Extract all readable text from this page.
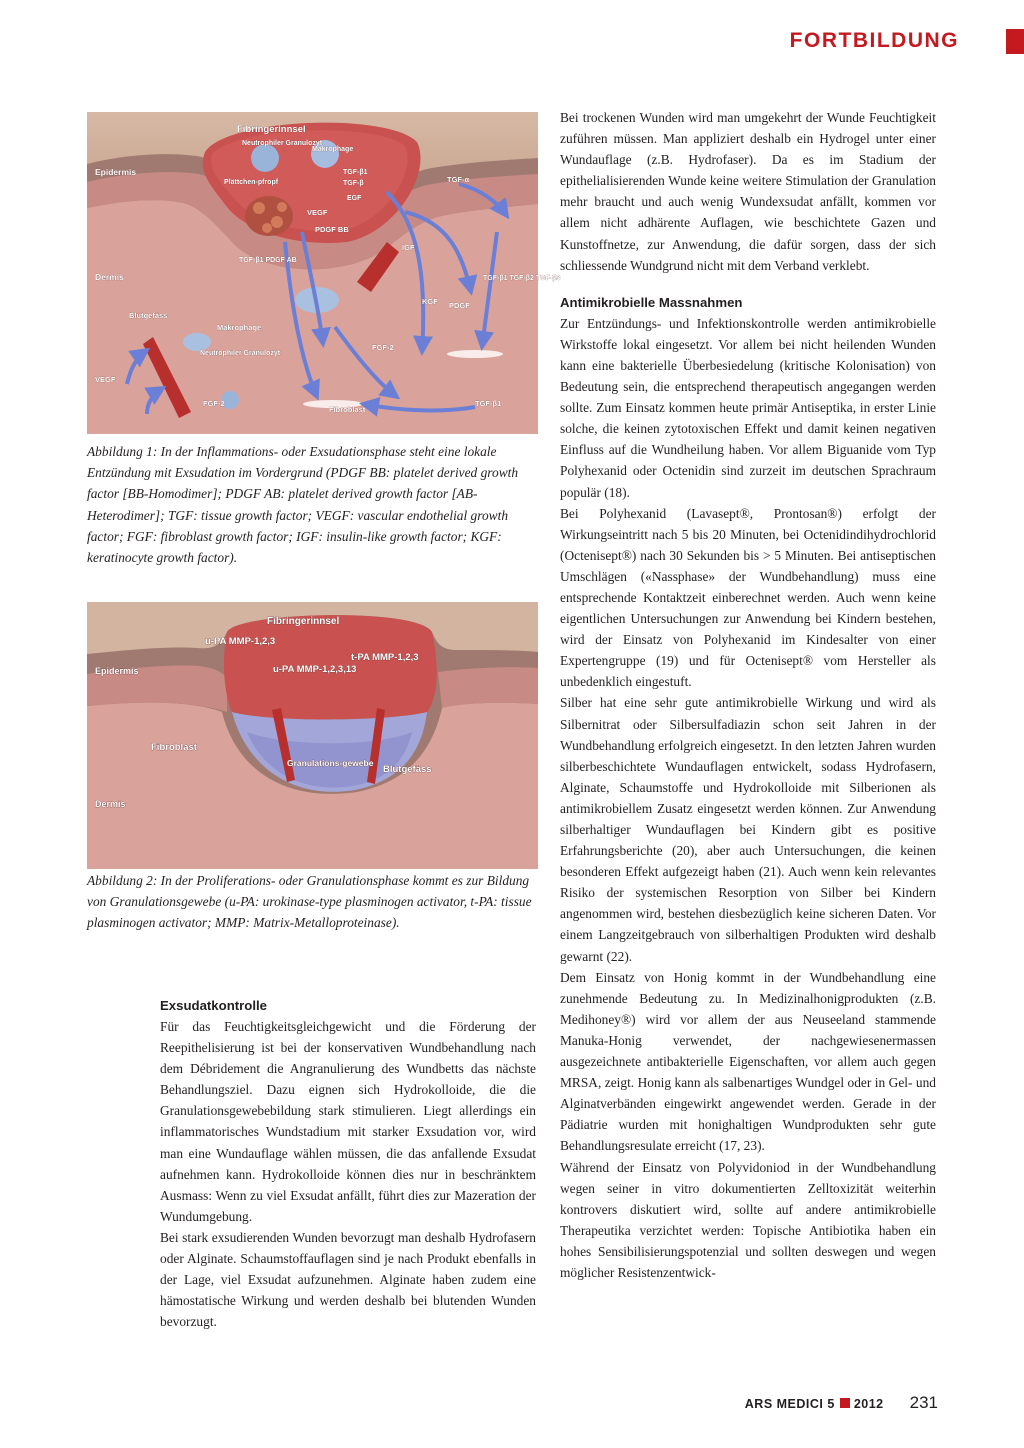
FORTBILDUNG
Fibringerinnsel
Neutrophiler Granulozyt
Makrophage
Epidermis
Plättchen-pfropf
TGF-β1
TGF-β	TGF-α
EGF
VEGF
PDGF BB
IGF
TGF-β1 PDGF AB
Dermis	TGF-β1 TGF-β2 TGF-β3
KGF PDGF
Blutgefäss
Makrophage
Neutrophiler Granulozyt
FGF-2
VEGF
FGF-2
Fibroblast
TGF-β1

Abbildung 1: In der Inflammations- oder Exsudationsphase steht eine lokale Entzündung mit Exsudation im Vordergrund (PDGF BB: platelet derived growth factor [BB-Homodimer]; PDGF AB: platelet derived growth factor [AB-Heterodimer]; TGF: tissue growth factor; VEGF: vascular endothelial growth factor; FGF: fibroblast growth factor; IGF: insulin-like growth factor; KGF: keratinocyte growth factor).

Fibringerinnsel
u-PA MMP-1,2,3
Epidermis	u-PA MMP-1,2,3,13
t-PA MMP-1,2,3
Fibroblast
Granulations-gewebe
Blutgefäss
Dermis

Abbildung 2: In der Proliferations- oder Granulationsphase kommt es zur Bildung von Granulationsgewebe (u-PA: urokinase-type plasminogen activator, t-PA: tissue plasminogen activator; MMP: Matrix-Metalloproteinase).

Exsudatkontrolle

Für das Feuchtigkeitsgleichgewicht und die Förderung der Reepithelisierung ist bei der konservativen Wundbehandlung nach dem Débridement die Angranulierung des Wundbetts das nächste Behandlungsziel. Dazu eignen sich Hydrokolloide, die die Granulationsgewebebildung stark stimulieren. Liegt allerdings ein inflammatorisches Wundstadium mit starker Exsudation vor, wird man eine Wundauflage wählen müssen, die das anfallende Exsudat aufnehmen kann. Hydrokolloide können dies nur in beschränktem Ausmass: Wenn zu viel Exsudat anfällt, führt dies zur Mazeration der Wundumgebung.

Bei stark exsudierenden Wunden bevorzugt man deshalb Hydrofasern oder Alginate. Schaumstoffauflagen sind je nach Produkt ebenfalls in der Lage, viel Exsudat aufzunehmen. Alginate haben zudem eine hämostatische Wirkung und werden deshalb bei blutenden Wunden bevorzugt.

Bei trockenen Wunden wird man umgekehrt der Wunde Feuchtigkeit zuführen müssen. Man appliziert deshalb ein Hydrogel unter einer Wundauflage (z.B. Hydrofaser). Da es im Stadium der epithelialisierenden Wunde keine weitere Stimulation der Granulation mehr braucht und auch wenig Wundexsudat anfällt, kommen vor allem nicht adhärente Auflagen, wie beschichtete Gazen und Kunstoffnetze, zur Anwendung, die dafür sorgen, dass der sich schliessende Wundgrund nicht mit dem Verband verklebt.

Antimikrobielle Massnahmen

Zur Entzündungs- und Infektionskontrolle werden antimikrobielle Wirkstoffe lokal eingesetzt. Vor allem bei nicht heilenden Wunden kann eine bakterielle Überbesiedelung (kritische Kolonisation) von Bedeutung sein, die entsprechend therapeutisch angegangen werden sollte. Zum Einsatz kommen heute primär Antiseptika, in erster Linie solche, die keinen zytotoxischen Effekt und damit keinen negativen Einfluss auf die Wundheilung haben. Vor allem Biguanide vom Typ Polyhexanid oder Octenidin sind zurzeit im deutschen Sprachraum populär (18).

Bei Polyhexanid (Lavasept®, Prontosan®) erfolgt der Wirkungseintritt nach 5 bis 20 Minuten, bei Octenidindihydrochlorid (Octenisept®) nach 30 Sekunden bis > 5 Minuten. Bei antiseptischen Umschlägen («Nassphase» der Wundbehandlung) muss eine entsprechende Kontaktzeit einberechnet werden. Auch wenn keine eigentlichen Untersuchungen zur Anwendung bei Kindern bestehen, wird der Einsatz von Polyhexanid im Kindesalter von einer Expertengruppe (19) und für Octenisept® vom Hersteller als unbedenklich eingestuft.

Silber hat eine sehr gute antimikrobielle Wirkung und wird als Silbernitrat oder Silbersulfadiazin schon seit Jahren in der Wundbehandlung erfolgreich eingesetzt. In den letzten Jahren wurden silberbeschichtete Wundauflagen entwickelt, sodass Hydrofasern, Alginate, Schaumstoffe und Hydrokolloide mit Silberionen als antimikrobiellem Zusatz eingesetzt werden können. Zur Anwendung silberhaltiger Wundauflagen bei Kindern gibt es positive Erfahrungsberichte (20), aber auch Untersuchungen, die keinen besonderen Effekt aufgezeigt haben (21). Auch wenn kein relevantes Risiko der systemischen Resorption von Silber bei Kindern angenommen wird, bestehen diesbezüglich keine sicheren Daten. Vor einem Langzeitgebrauch von silberhaltigen Produkten wird deshalb gewarnt (22).

Dem Einsatz von Honig kommt in der Wundbehandlung eine zunehmende Bedeutung zu. In Medizinalhonigprodukten (z.B. Medihoney®) wird vor allem der aus Neuseeland stammende Manuka-Honig verwendet, der nachgewiesenermassen ausgezeichnete antibakterielle Eigenschaften, vor allem auch gegen MRSA, zeigt. Honig kann als salbenartiges Wundgel oder in Gel- und Alginatverbänden eingewirkt angewendet werden. Gerade in der Pädiatrie wurden mit honighaltigen Wundprodukten sehr gute Behandlungsresulate erreicht (17, 23).

Während der Einsatz von Polyvidoniod in der Wundbehandlung wegen seiner in vitro dokumentierten Zelltoxizität weiterhin kontrovers diskutiert wird, sollte auf andere antimikrobielle Therapeutika verzichtet werden: Topische Antibiotika haben ein hohes Sensibilisierungspotenzial und sollten deswegen und wegen möglicher Resistenzentwick-

ARS MEDICI 5 2012 231
